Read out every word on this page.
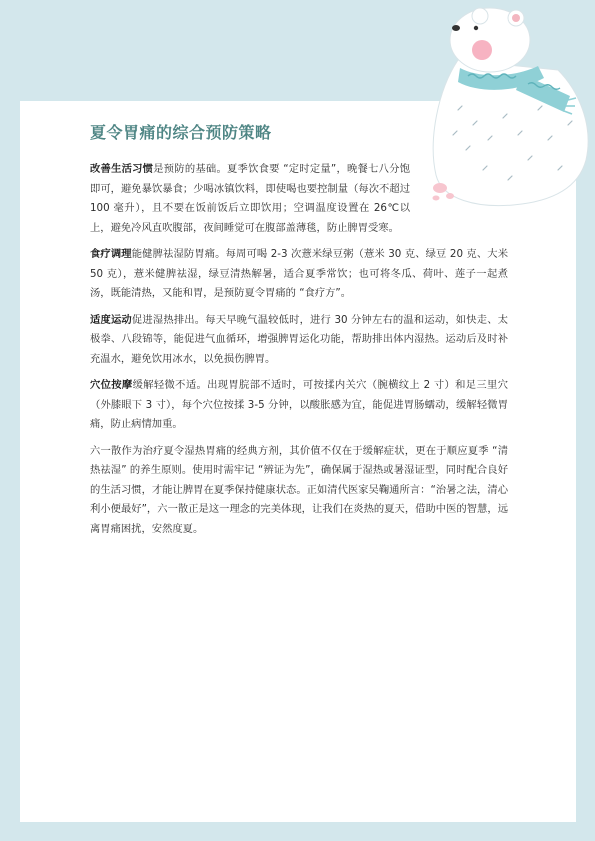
夏令胃痛的综合预防策略

改善生活习惯是预防的基础。夏季饮食要 “定时定量”，晚餐七八分饱即可，避免暴饮暴食；少喝冰镇饮料，即使喝也要控制量（每次不超过 100 毫升），且不要在饭前饭后立即饮用；空调温度设置在 26℃以上，避免冷风直吹腹部，夜间睡觉可在腹部盖薄毯，防止脾胃受寒。

食疗调理能健脾祛湿防胃痛。每周可喝 2-3 次薏米绿豆粥（薏米 30 克、绿豆 20 克、大米 50 克），薏米健脾祛湿，绿豆清热解暑，适合夏季常饮；也可将冬瓜、荷叶、莲子一起煮汤，既能清热，又能和胃，是预防夏令胃痛的 “食疗方”。

适度运动促进湿热排出。每天早晚气温较低时，进行 30 分钟左右的温和运动，如快走、太极拳、八段锦等，能促进气血循环，增强脾胃运化功能，帮助排出体内湿热。运动后及时补充温水，避免饮用冰水，以免损伤脾胃。

穴位按摩缓解轻微不适。出现胃脘部不适时，可按揉内关穴（腕横纹上 2 寸）和足三里穴（外膝眼下 3 寸），每个穴位按揉 3-5 分钟，以酸胀感为宜，能促进胃肠蠕动，缓解轻微胃痛，防止病情加重。

六一散作为治疗夏令湿热胃痛的经典方剂，其价值不仅在于缓解症状，更在于顺应夏季 “清热祛湿” 的养生原则。使用时需牢记 “辨证为先”，确保属于湿热或暑湿证型，同时配合良好的生活习惯，才能让脾胃在夏季保持健康状态。正如清代医家吴鞠通所言：“治暑之法，清心利小便最好”，六一散正是这一理念的完美体现，让我们在炎热的夏天，借助中医的智慧，远离胃痛困扰，安然度夏。
